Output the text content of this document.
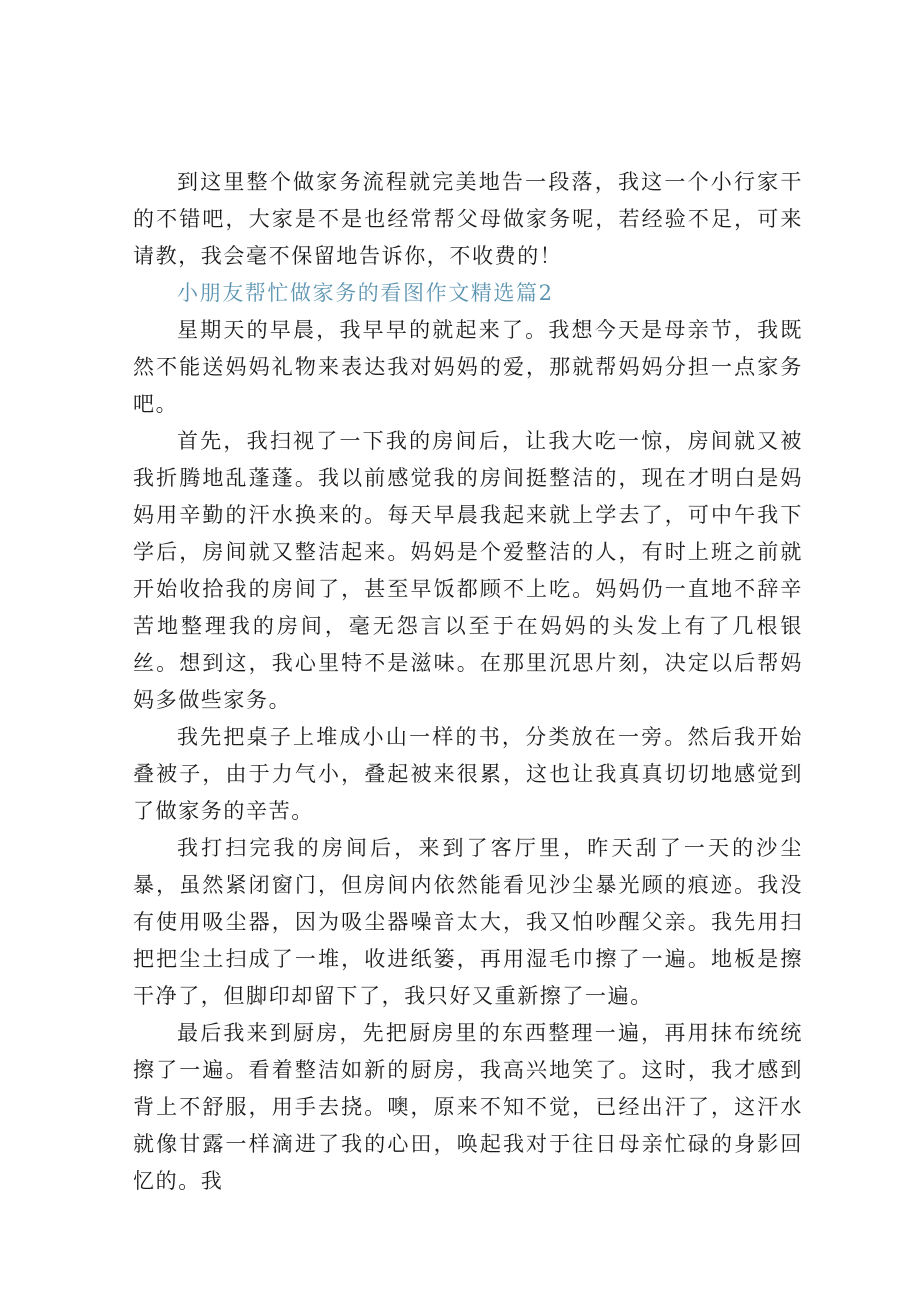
到这里整个做家务流程就完美地告一段落，我这一个小行家干的不错吧，大家是不是也经常帮父母做家务呢，若经验不足，可来请教，我会毫不保留地告诉你，不收费的！

小朋友帮忙做家务的看图作文精选篇2

星期天的早晨，我早早的就起来了。我想今天是母亲节，我既然不能送妈妈礼物来表达我对妈妈的爱，那就帮妈妈分担一点家务吧。

首先，我扫视了一下我的房间后，让我大吃一惊，房间就又被我折腾地乱蓬蓬。我以前感觉我的房间挺整洁的，现在才明白是妈妈用辛勤的汗水换来的。每天早晨我起来就上学去了，可中午我下学后，房间就又整洁起来。妈妈是个爱整洁的人，有时上班之前就开始收拾我的房间了，甚至早饭都顾不上吃。妈妈仍一直地不辞辛苦地整理我的房间，毫无怨言以至于在妈妈的头发上有了几根银丝。想到这，我心里特不是滋味。在那里沉思片刻，决定以后帮妈妈多做些家务。

我先把桌子上堆成小山一样的书，分类放在一旁。然后我开始叠被子，由于力气小，叠起被来很累，这也让我真真切切地感觉到了做家务的辛苦。

我打扫完我的房间后，来到了客厅里，昨天刮了一天的沙尘暴，虽然紧闭窗门，但房间内依然能看见沙尘暴光顾的痕迹。我没有使用吸尘器，因为吸尘器噪音太大，我又怕吵醒父亲。我先用扫把把尘土扫成了一堆，收进纸篓，再用湿毛巾擦了一遍。地板是擦干净了，但脚印却留下了，我只好又重新擦了一遍。

最后我来到厨房，先把厨房里的东西整理一遍，再用抹布统统擦了一遍。看着整洁如新的厨房，我高兴地笑了。这时，我才感到背上不舒服，用手去挠。噢，原来不知不觉，已经出汗了，这汗水就像甘露一样滴进了我的心田，唤起我对于往日母亲忙碌的身影回忆的。我
